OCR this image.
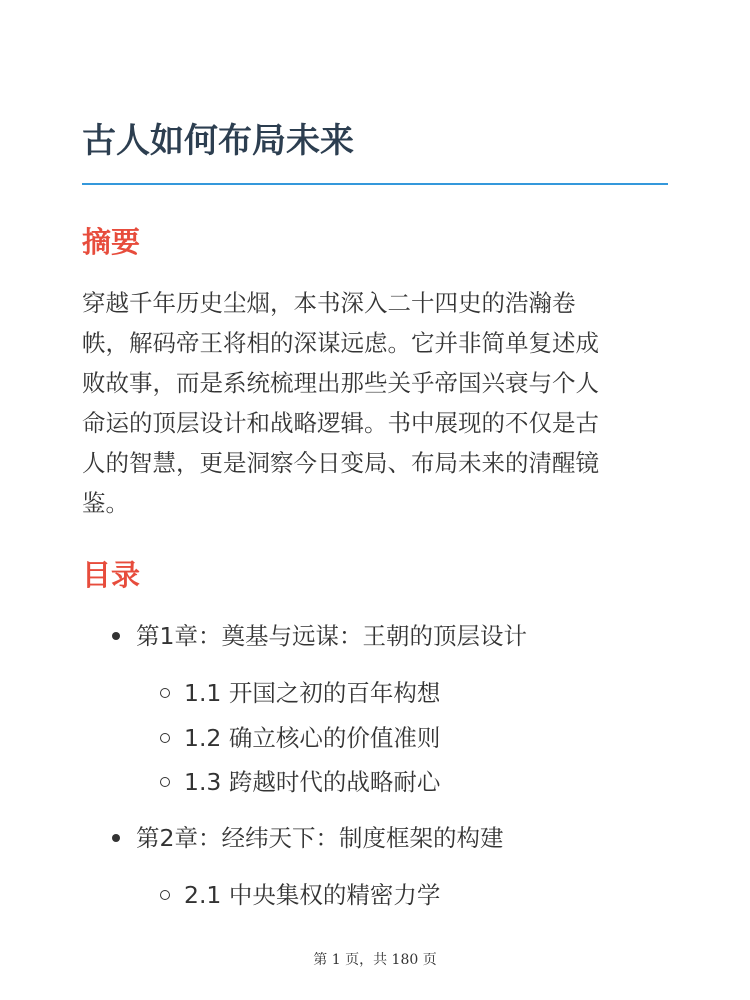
古人如何布局未来
摘要

穿越千年历史尘烟，本书深入二十四史的浩瀚卷
帙，解码帝王将相的深谋远虑。它并非简单复述成
败故事，而是系统梳理出那些关乎帝国兴衰与个人
命运的顶层设计和战略逻辑。书中展现的不仅是古
人的智慧，更是洞察今日变局、布局未来的清醒镜
鉴。

目录
第1章：奠基与远谋：王朝的顶层设计
1.1 开国之初的百年构想
1.2 确立核心的价值准则
1.3 跨越时代的战略耐心
第2章：经纬天下：制度框架的构建
2.1 中央集权的精密力学
第 1 页，共 180 页
